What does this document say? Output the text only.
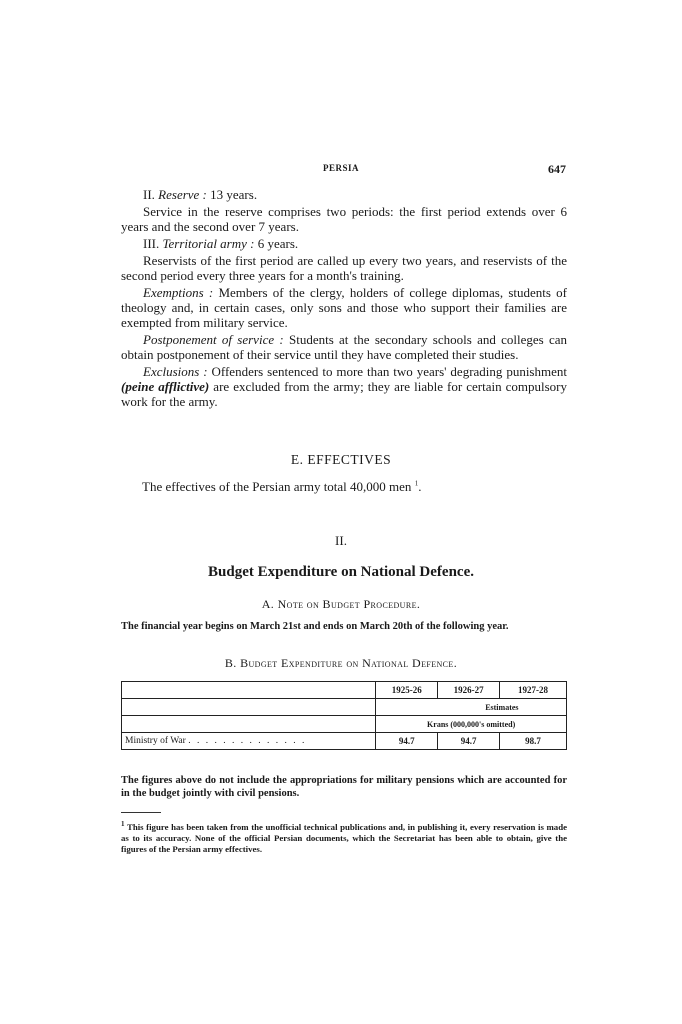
PERSIA	647

II. Reserve : 13 years.

Service in the reserve comprises two periods: the first period extends over 6 years and the second over 7 years.

III. Territorial army : 6 years.

Reservists of the first period are called up every two years, and reservists of the second period every three years for a month's training.

Exemptions : Members of the clergy, holders of college diplomas, students of theology and, in certain cases, only sons and those who support their families are exempted from military service.

Postponement of service : Students at the secondary schools and colleges can obtain postponement of their service until they have completed their studies.

Exclusions : Offenders sentenced to more than two years' degrading punishment (peine afflictive) are excluded from the army; they are liable for certain compulsory work for the army.

E. EFFECTIVES
The effectives of the Persian army total 40,000 men $^1$.
II.
Budget Expenditure on National Defence.
A. Note on Budget Procedure.
The financial year begins on March 21st and ends on March 20th of the following year.
B. Budget Expenditure on National Defence.
	1925-26	1926-27	1927-28
		Estimates	
	Krans (000,000's omitted)		
Ministry of War . . . . . . . . . . . . . .	94.7	94.7	98.7
The figures above do not include the appropriations for military pensions which are accounted for in the budget jointly with civil pensions.
$^1$ This figure has been taken from the unofficial technical publications and, in publishing it, every reservation is made as to its accuracy. None of the official Persian documents, which the Secretariat has been able to obtain, give the figures of the Persian army effectives.
